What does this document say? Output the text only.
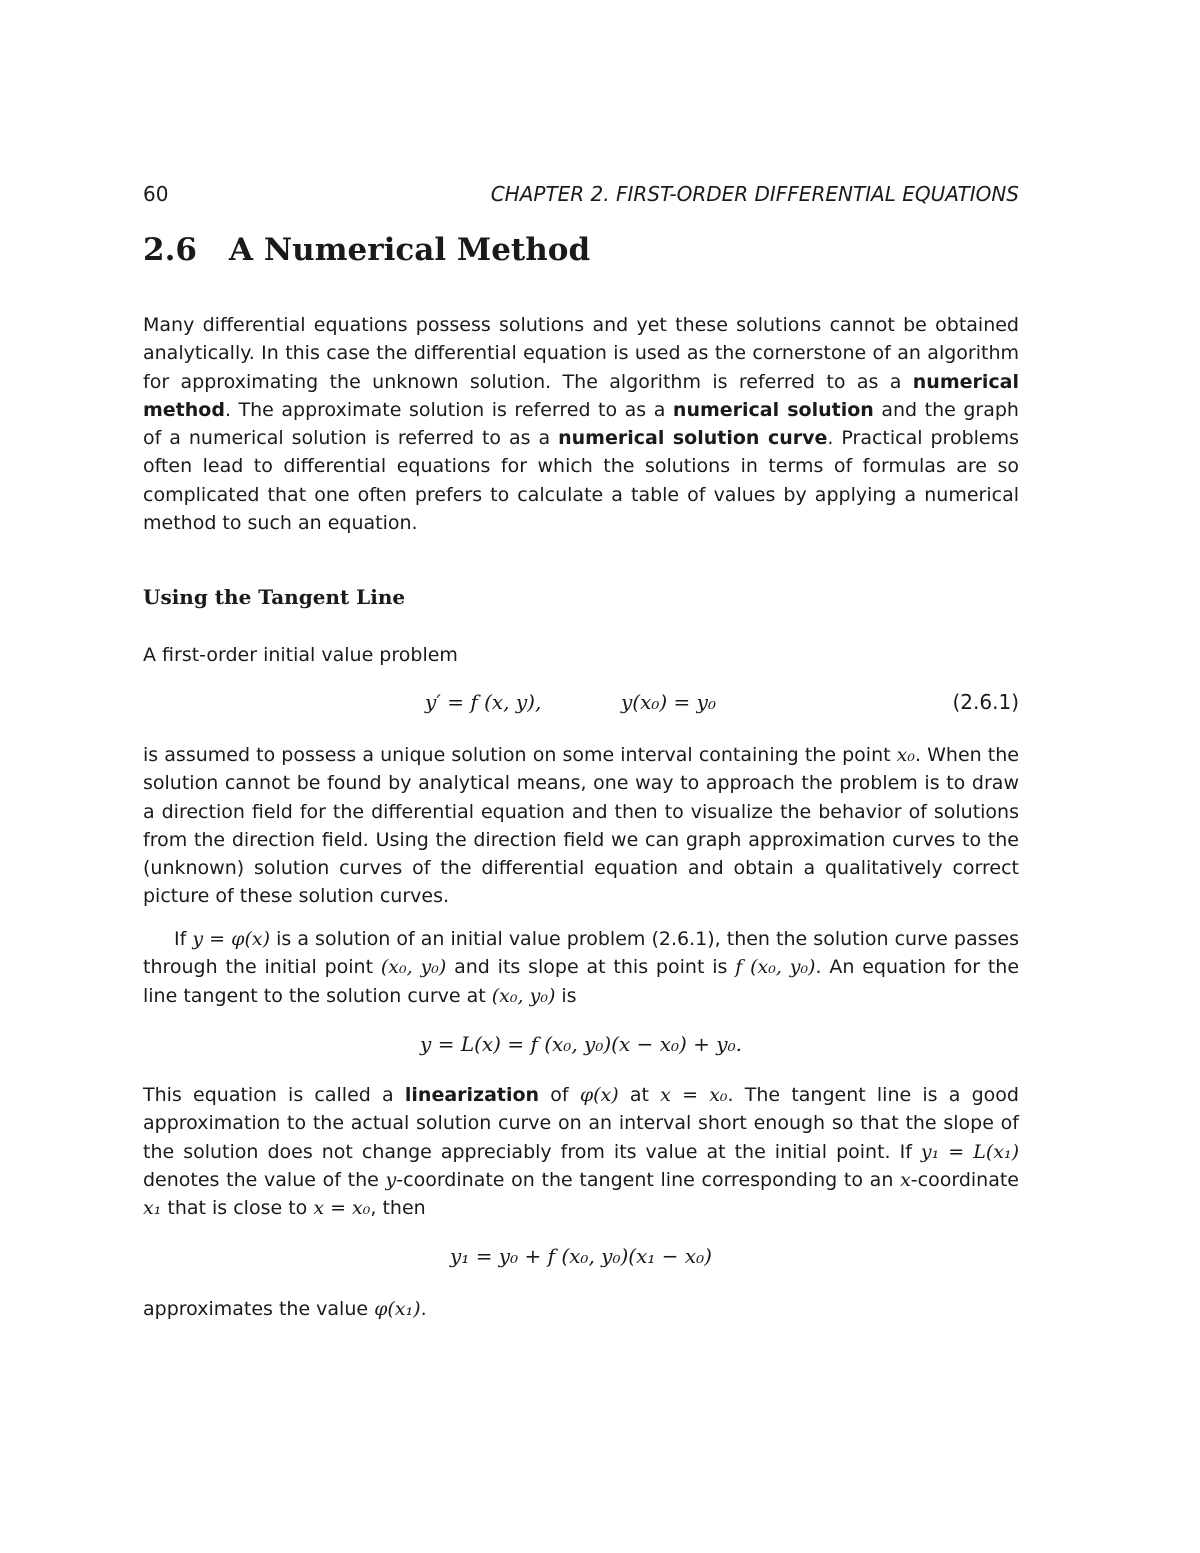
60	CHAPTER 2. FIRST-ORDER DIFFERENTIAL EQUATIONS
2.6 A Numerical Method

Many differential equations possess solutions and yet these solutions cannot be obtained analytically. In this case the differential equation is used as the cornerstone of an algorithm for approximating the unknown solution. The algorithm is referred to as a numerical method. The approximate solution is referred to as a numerical solution and the graph of a numerical solution is referred to as a numerical solution curve. Practical problems often lead to differential equations for which the solutions in terms of formulas are so complicated that one often prefers to calculate a table of values by applying a numerical method to such an equation.

Using the Tangent Line

A first-order initial value problem

y′ = f (x, y),	y(x₀) = y₀	(2.6.1)

is assumed to possess a unique solution on some interval containing the point x₀. When the solution cannot be found by analytical means, one way to approach the problem is to draw a direction field for the differential equation and then to visualize the behavior of solutions from the direction field. Using the direction field we can graph approximation curves to the (unknown) solution curves of the differential equation and obtain a qualitatively correct picture of these solution curves.

If y = φ(x) is a solution of an initial value problem (2.6.1), then the solution curve passes through the initial point (x₀, y₀) and its slope at this point is f (x₀, y₀). An equation for the line tangent to the solution curve at (x₀, y₀) is

y = L(x) = f (x₀, y₀)(x − x₀) + y₀.

This equation is called a linearization of φ(x) at x = x₀. The tangent line is a good approximation to the actual solution curve on an interval short enough so that the slope of the solution does not change appreciably from its value at the initial point. If y₁ = L(x₁) denotes the value of the y-coordinate on the tangent line corresponding to an x-coordinate x₁ that is close to x = x₀, then

y₁ = y₀ + f (x₀, y₀)(x₁ − x₀)

approximates the value φ(x₁).
